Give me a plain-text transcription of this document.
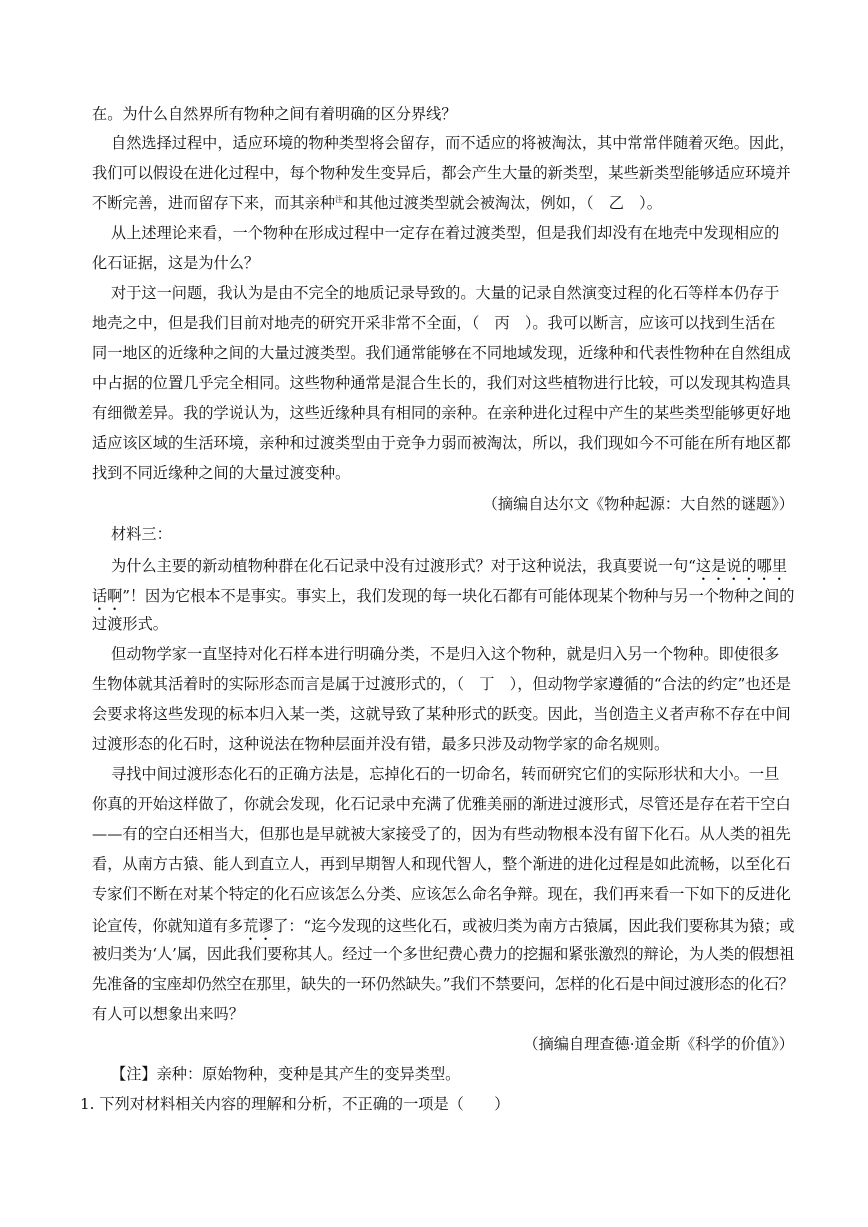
在。为什么自然界所有物种之间有着明确的区分界线？
自然选择过程中，适应环境的物种类型将会留存，而不适应的将被淘汰，其中常常伴随着灭绝。因此，
我们可以假设在进化过程中，每个物种发生变异后，都会产生大量的新类型，某些新类型能够适应环境并
不断完善，进而留存下来，而其亲种$^注$和其他过渡类型就会被淘汰，例如，（　乙　）。
从上述理论来看，一个物种在形成过程中一定存在着过渡类型，但是我们却没有在地壳中发现相应的
化石证据，这是为什么？
对于这一问题，我认为是由不完全的地质记录导致的。大量的记录自然演变过程的化石等样本仍存于
地壳之中，但是我们目前对地壳的研究开采非常不全面，（　丙　）。我可以断言，应该可以找到生活在
同一地区的近缘种之间的大量过渡类型。我们通常能够在不同地域发现，近缘种和代表性物种在自然组成
中占据的位置几乎完全相同。这些物种通常是混合生长的，我们对这些植物进行比较，可以发现其构造具
有细微差异。我的学说认为，这些近缘种具有相同的亲种。在亲种进化过程中产生的某些类型能够更好地
适应该区域的生活环境，亲种和过渡类型由于竞争力弱而被淘汰，所以，我们现如今不可能在所有地区都
找到不同近缘种之间的大量过渡变种。
（摘编自达尔文《物种起源：大自然的谜题》）
材料三：
为什么主要的新动植物种群在化石记录中没有过渡形式？对于这种说法，我真要说一句“这是说的哪里
话啊”！因为它根本不是事实。事实上，我们发现的每一块化石都有可能体现某个物种与另一个物种之间的
过渡形式。
但动物学家一直坚持对化石样本进行明确分类，不是归入这个物种，就是归入另一个物种。即使很多
生物体就其活着时的实际形态而言是属于过渡形式的，（　丁　），但动物学家遵循的“合法的约定”也还是
会要求将这些发现的标本归入某一类，这就导致了某种形式的跃变。因此，当创造主义者声称不存在中间
过渡形态的化石时，这种说法在物种层面并没有错，最多只涉及动物学家的命名规则。
寻找中间过渡形态化石的正确方法是，忘掉化石的一切命名，转而研究它们的实际形状和大小。一旦
你真的开始这样做了，你就会发现，化石记录中充满了优雅美丽的渐进过渡形式，尽管还是存在若干空白
——有的空白还相当大，但那也是早就被大家接受了的，因为有些动物根本没有留下化石。从人类的祖先
看，从南方古猿、能人到直立人，再到早期智人和现代智人，整个渐进的进化过程是如此流畅，以至化石
专家们不断在对某个特定的化石应该怎么分类、应该怎么命名争辩。现在，我们再来看一下如下的反进化
论宣传，你就知道有多荒谬了：“迄今发现的这些化石，或被归类为南方古猿属，因此我们要称其为猿；或
被归类为‘人’属，因此我们要称其人。经过一个多世纪费心费力的挖掘和紧张激烈的辩论，为人类的假想祖
先准备的宝座却仍然空在那里，缺失的一环仍然缺失。”我们不禁要问，怎样的化石是中间过渡形态的化石？
有人可以想象出来吗？
（摘编自理查德·道金斯《科学的价值》）
【注】亲种：原始物种，变种是其产生的变异类型。
1. 下列对材料相关内容的理解和分析，不正确的一项是（　　）
